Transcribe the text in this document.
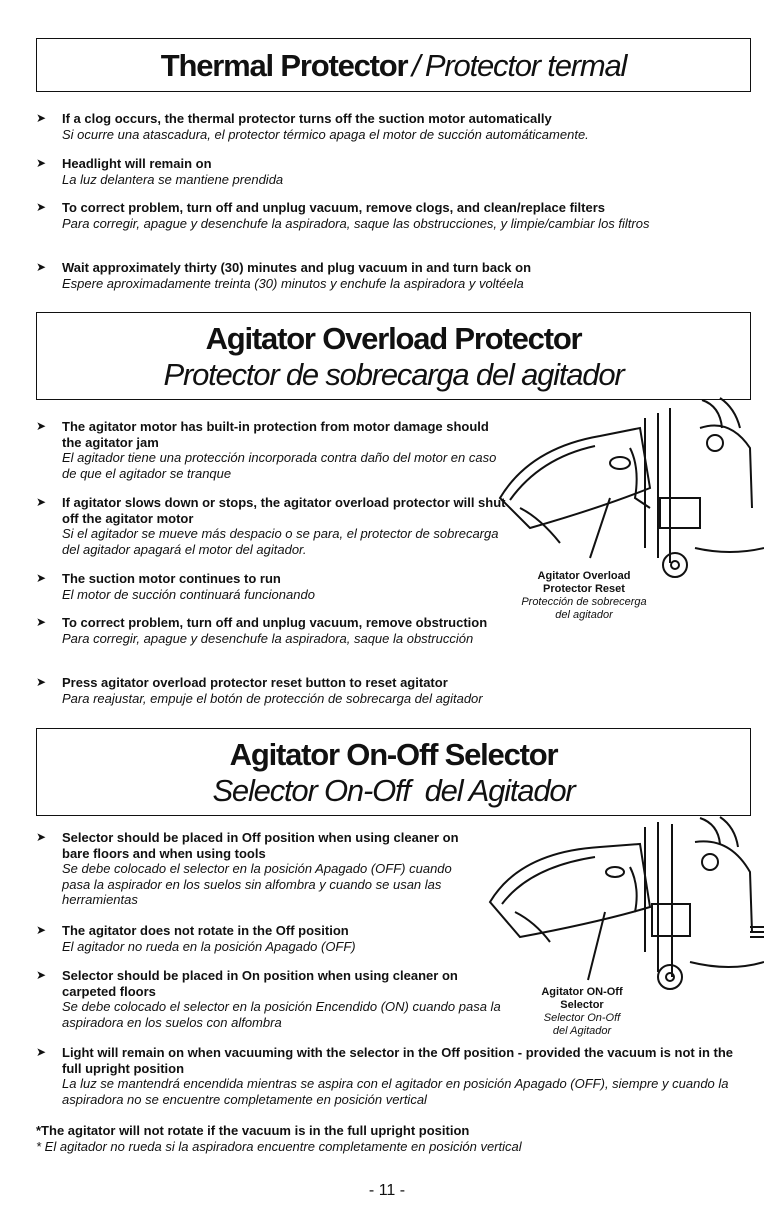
Thermal Protector / Protector termal
➤ If a clog occurs, the thermal protector turns off the suction motor automatically
Si ocurre una atascadura, el protector térmico apaga el motor de succión automáticamente.
➤ Headlight will remain on
La luz delantera se mantiene prendida
➤ To correct problem, turn off and unplug vacuum, remove clogs, and clean/replace filters
Para corregir, apague y desenchufe la aspiradora, saque las obstrucciones, y limpie/cambiar los filtros
➤ Wait approximately thirty (30) minutes and plug vacuum in and turn back on
Espere aproximadamente treinta (30) minutos y enchufe la aspiradora y voltéela
Agitator Overload Protector
Protector de sobrecarga del agitador
➤ The agitator motor has built-in protection from motor damage should the agitator jam
El agitador tiene una protección incorporada contra daño del motor en caso de que el agitador se tranque
➤ If agitator slows down or stops, the agitator overload protector will shut off the agitator motor
Si el agitador se mueve más despacio o se para, el protector de sobrecarga del agitador apagará el motor del agitador.
➤ The suction motor continues to run
El motor de succión continuará funcionando
➤ To correct problem, turn off and unplug vacuum, remove obstruction
Para corregir, apague y desenchufe la aspiradora, saque la obstrucción
➤ Press agitator overload protector reset button to reset agitator
Para reajustar, empuje el botón de protección de sobrecarga del agitador
Agitator Overload
Protector Reset
Protección de sobrecerga
del agitador
Agitator On-Off Selector
Selector On-Off  del Agitador
➤ Selector should be placed in Off position when using cleaner on bare floors and when using tools
Se debe colocado el selector en la posición Apagado (OFF) cuando pasa la aspirador en los suelos sin alfombra y cuando se usan las herramientas
➤ The agitator does not rotate in the Off position
El agitador no rueda en la posición Apagado (OFF)
➤ Selector should be placed in On position when using cleaner on carpeted floors
Se debe colocado el selector en la posición Encendido (ON) cuando pasa la aspiradora en los suelos con alfombra
➤ Light will remain on when vacuuming with the selector in the Off position - provided the vacuum is not in the full upright position
La luz se mantendrá encendida mientras se aspira con el agitador en posición Apagado (OFF), siempre y cuando la aspiradora no se encuentre completamente en posición vertical
Agitator ON-Off
Selector
Selector On-Off
del Agitador
*The agitator will not rotate if the vacuum is in the full upright position
* El agitador no rueda si la aspiradora encuentre completamente en posición vertical
- 11 -
